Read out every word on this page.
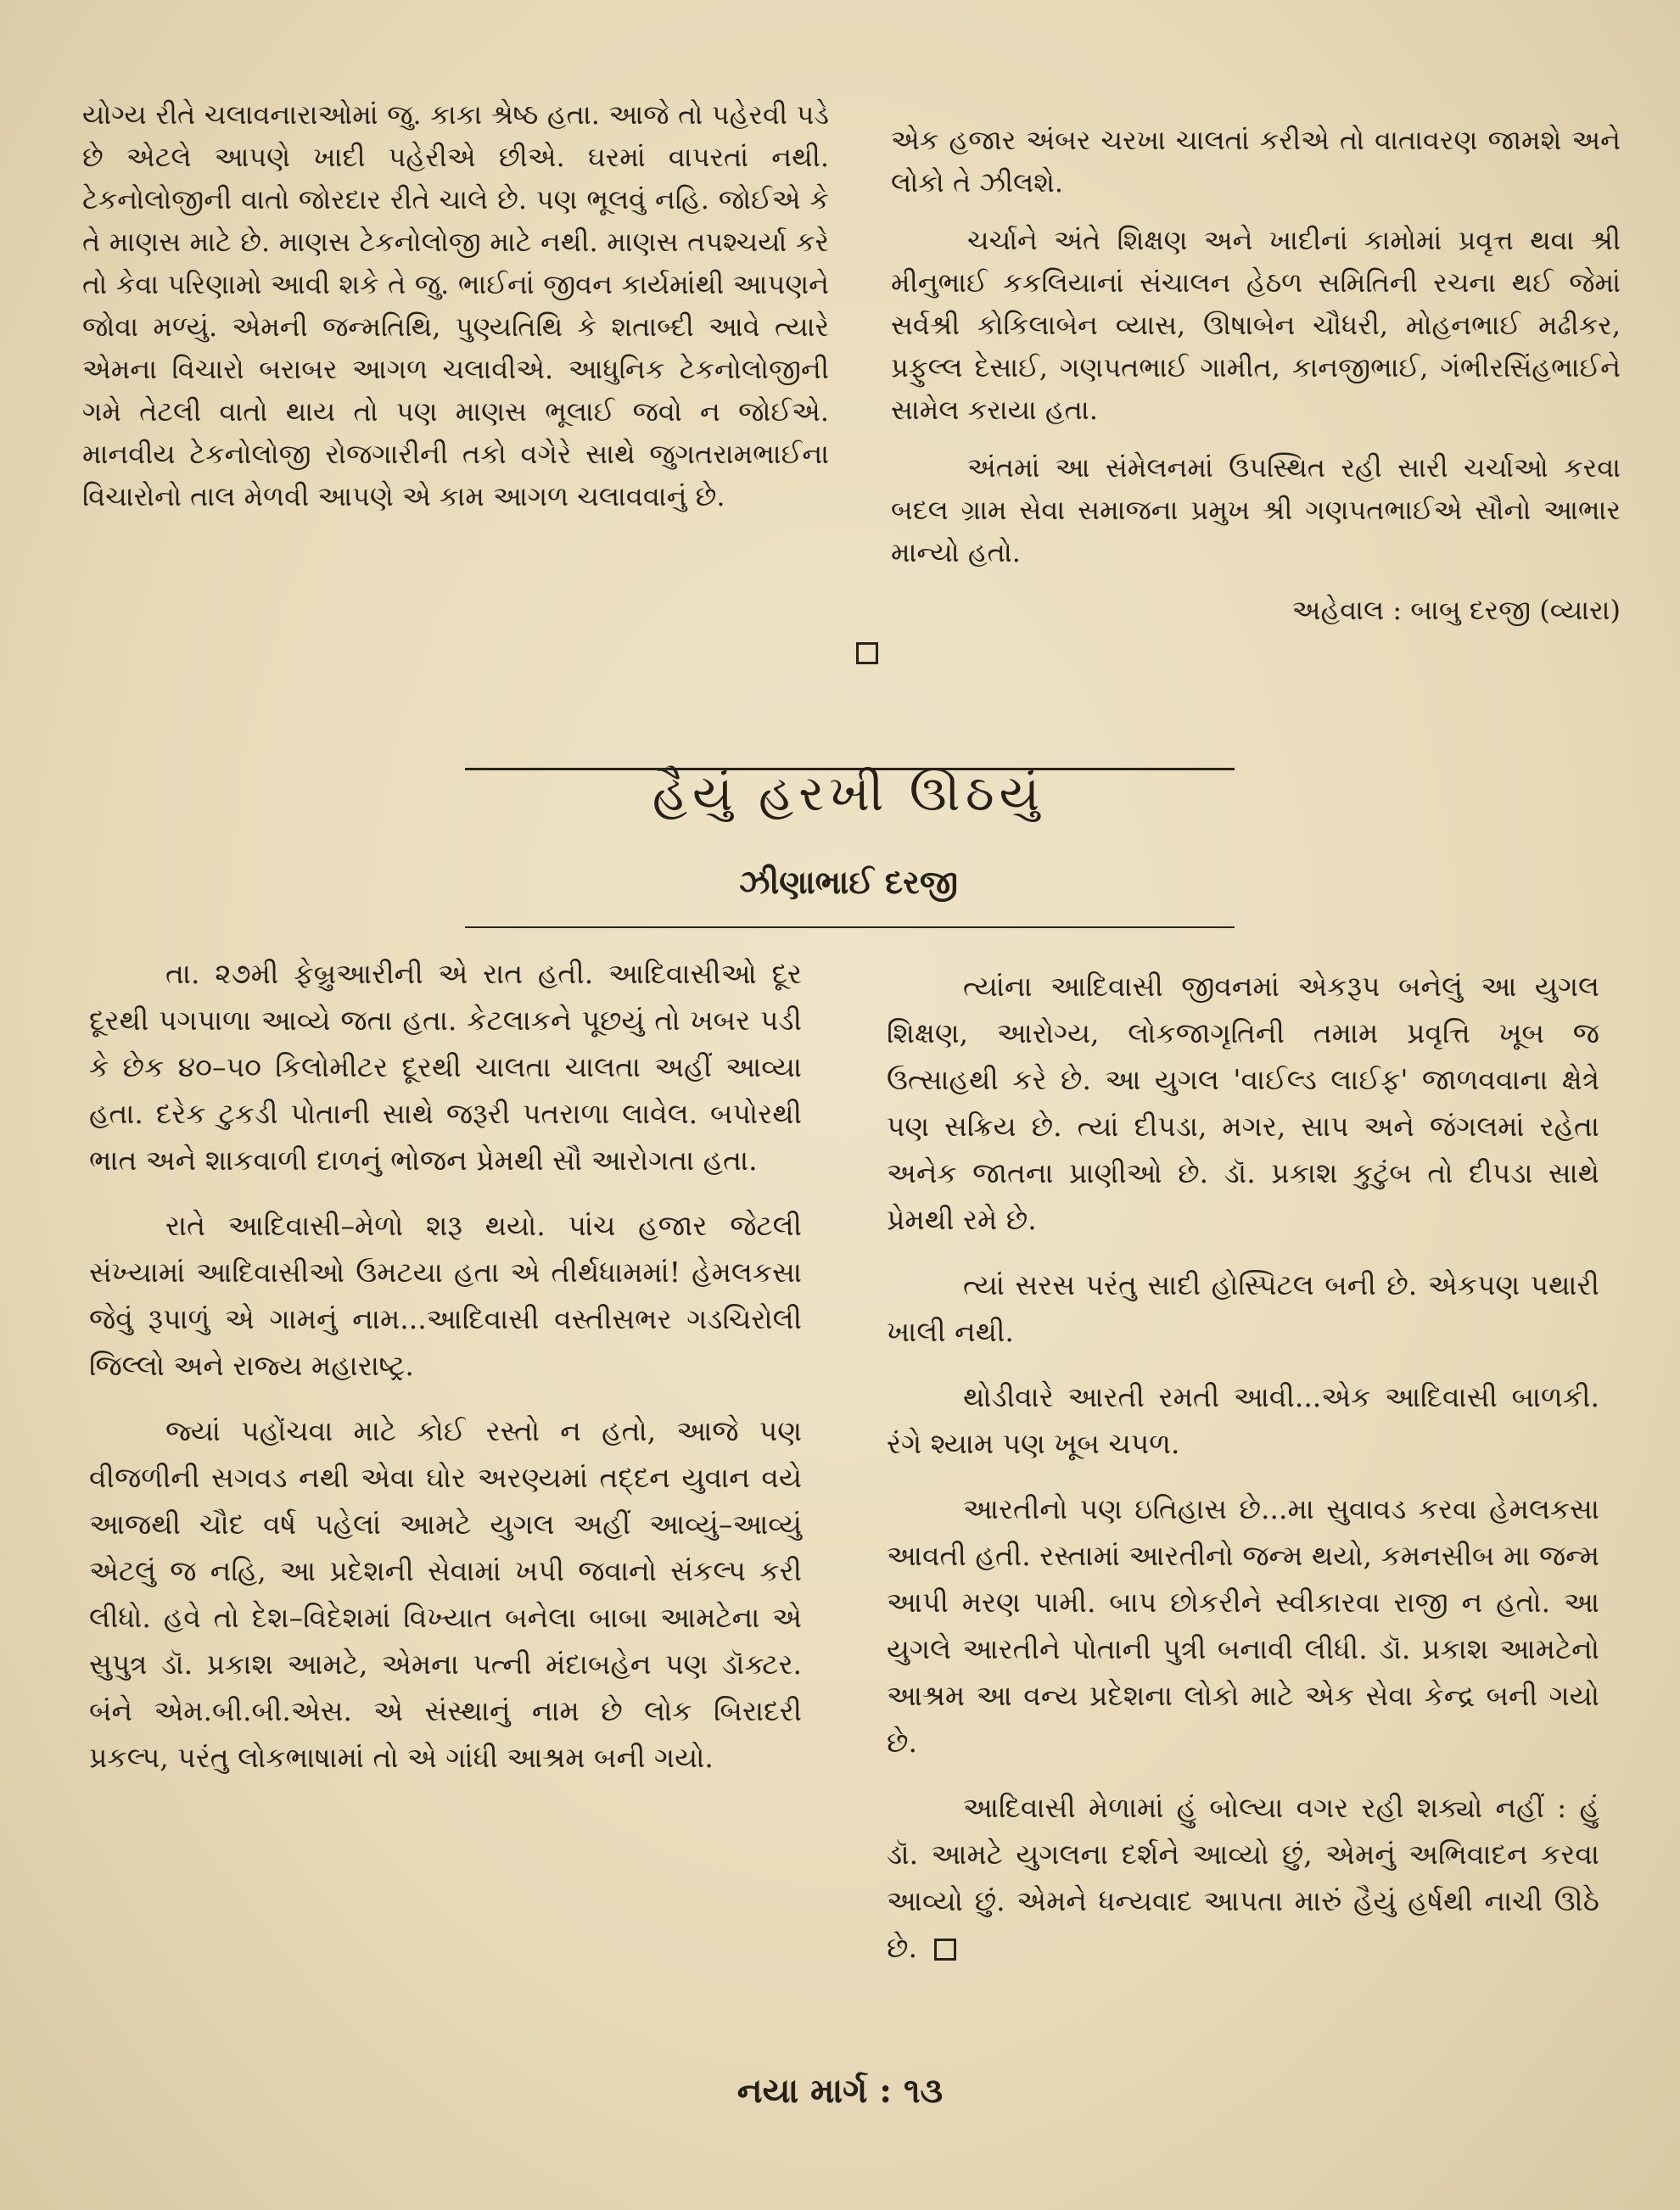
યોગ્ય રીતે ચલાવનારાઓમાં જુ. કાકા શ્રેષ્ઠ હતા. આજે તો પહેરવી પડે છે એટલે આપણે ખાદી પહેરીએ છીએ. ઘરમાં વાપરતાં નથી. ટેકનોલોજીની વાતો જોરદાર રીતે ચાલે છે. પણ ભૂલવું નહિ. જોઈએ કે તે માણસ માટે છે. માણસ ટેકનોલોજી માટે નથી. માણસ તપશ્ચર્યા કરે તો કેવા પરિણામો આવી શકે તે જુ. ભાઈનાં જીવન કાર્યમાંથી આપણને જોવા મળ્યું. એમની જન્મતિથિ, પુણ્યતિથિ કે શતાબ્દી આવે ત્યારે એમના વિચારો બરાબર આગળ ચલાવીએ. આધુનિક ટેકનોલોજીની ગમે તેટલી વાતો થાય તો પણ માણસ ભૂલાઈ જવો ન જોઈએ. માનવીય ટેકનોલોજી રોજગારીની તકો વગેરે સાથે જુગતરામભાઈના વિચારોનો તાલ મેળવી આપણે એ કામ આગળ ચલાવવાનું છે.

એક હજાર અંબર ચરખા ચાલતાં કરીએ તો વાતાવરણ જામશે અને લોકો તે ઝીલશે.

ચર્ચાને અંતે શિક્ષણ અને ખાદીનાં કામોમાં પ્રવૃત્ત થવા શ્રી મીનુભાઈ કકલિયાનાં સંચાલન હેઠળ સમિતિની રચના થઈ જેમાં સર્વશ્રી કોકિલાબેન વ્યાસ, ઊષાબેન ચૌધરી, મોહનભાઈ મઢીકર, પ્રફુલ્લ દેસાઈ, ગણપતભાઈ ગામીત, કાનજીભાઈ, ગંભીરસિંહભાઈને સામેલ કરાયા હતા.

અંતમાં આ સંમેલનમાં ઉપસ્થિત રહી સારી ચર્ચાઓ કરવા બદલ ગ્રામ સેવા સમાજના પ્રમુખ શ્રી ગણપતભાઈએ સૌનો આભાર માન્યો હતો.

અહેવાલ : બાબુ દરજી (વ્યારા)
હૈયું હરખી ઊઠયું
ઝીણાભાઈ દરજી

તા. ૨૭મી ફેબ્રુઆરીની એ રાત હતી. આદિવાસીઓ દૂર દૂરથી પગપાળા આવ્યે જતા હતા. કેટલાકને પૂછયું તો ખબર પડી કે છેક ૪૦–૫૦ કિલોમીટર દૂરથી ચાલતા ચાલતા અહીં આવ્યા હતા. દરેક ટુકડી પોતાની સાથે જરૂરી પતરાળા લાવેલ. બપોરથી ભાત અને શાકવાળી દાળનું ભોજન પ્રેમથી સૌ આરોગતા હતા.

રાતે આદિવાસી–મેળો શરૂ થયો. પાંચ હજાર જેટલી સંખ્યામાં આદિવાસીઓ ઉમટયા હતા એ તીર્થધામમાં! હેમલકસા જેવું રૂપાળું એ ગામનું નામ...આદિવાસી વસ્તીસભર ગડચિરોલી જિલ્લો અને રાજ્ય મહારાષ્ટ્ર.

જ્યાં પહોંચવા માટે કોઈ રસ્તો ન હતો, આજે પણ વીજળીની સગવડ નથી એવા ઘોર અરણ્યમાં તદ્દન યુવાન વયે આજથી ચૌદ વર્ષ પહેલાં આમટે યુગલ અહીં આવ્યું–આવ્યું એટલું જ નહિ, આ પ્રદેશની સેવામાં ખપી જવાનો સંકલ્પ કરી લીધો. હવે તો દેશ–વિદેશમાં વિખ્યાત બનેલા બાબા આમટેના એ સુપુત્ર ડૉ. પ્રકાશ આમટે, એમના પત્ની મંદાબહેન પણ ડૉક્ટર. બંને એમ.બી.બી.એસ. એ સંસ્થાનું નામ છે લોક બિરાદરી પ્રકલ્પ, પરંતુ લોકભાષામાં તો એ ગાંધી આશ્રમ બની ગયો.

ત્યાંના આદિવાસી જીવનમાં એકરૂપ બનેલું આ યુગલ શિક્ષણ, આરોગ્ય, લોકજાગૃતિની તમામ પ્રવૃત્તિ ખૂબ જ ઉત્સાહથી કરે છે. આ યુગલ 'વાઈલ્ડ લાઈફ' જાળવવાના ક્ષેત્રે પણ સક્રિય છે. ત્યાં દીપડા, મગર, સાપ અને જંગલમાં રહેતા અનેક જાતના પ્રાણીઓ છે. ડૉ. પ્રકાશ કુટુંબ તો દીપડા સાથે પ્રેમથી રમે છે.

ત્યાં સરસ પરંતુ સાદી હોસ્પિટલ બની છે. એકપણ પથારી ખાલી નથી.

થોડીવારે આરતી રમતી આવી...એક આદિવાસી બાળકી. રંગે શ્યામ પણ ખૂબ ચપળ.

આરતીનો પણ ઇતિહાસ છે...મા સુવાવડ કરવા હેમલકસા આવતી હતી. રસ્તામાં આરતીનો જન્મ થયો, કમનસીબ મા જન્મ આપી મરણ પામી. બાપ છોકરીને સ્વીકારવા રાજી ન હતો. આ યુગલે આરતીને પોતાની પુત્રી બનાવી લીધી. ડૉ. પ્રકાશ આમટેનો આશ્રમ આ વન્ય પ્રદેશના લોકો માટે એક સેવા કેન્દ્ર બની ગયો છે.

આદિવાસી મેળામાં હું બોલ્યા વગર રહી શક્યો નહીં : હું ડૉ. આમટે યુગલના દર્શને આવ્યો છું, એમનું અભિવાદન કરવા આવ્યો છું. એમને ધન્યવાદ આપતા મારું હૈયું હર્ષથી નાચી ઊઠે છે.

નયા માર્ગ : ૧૩
